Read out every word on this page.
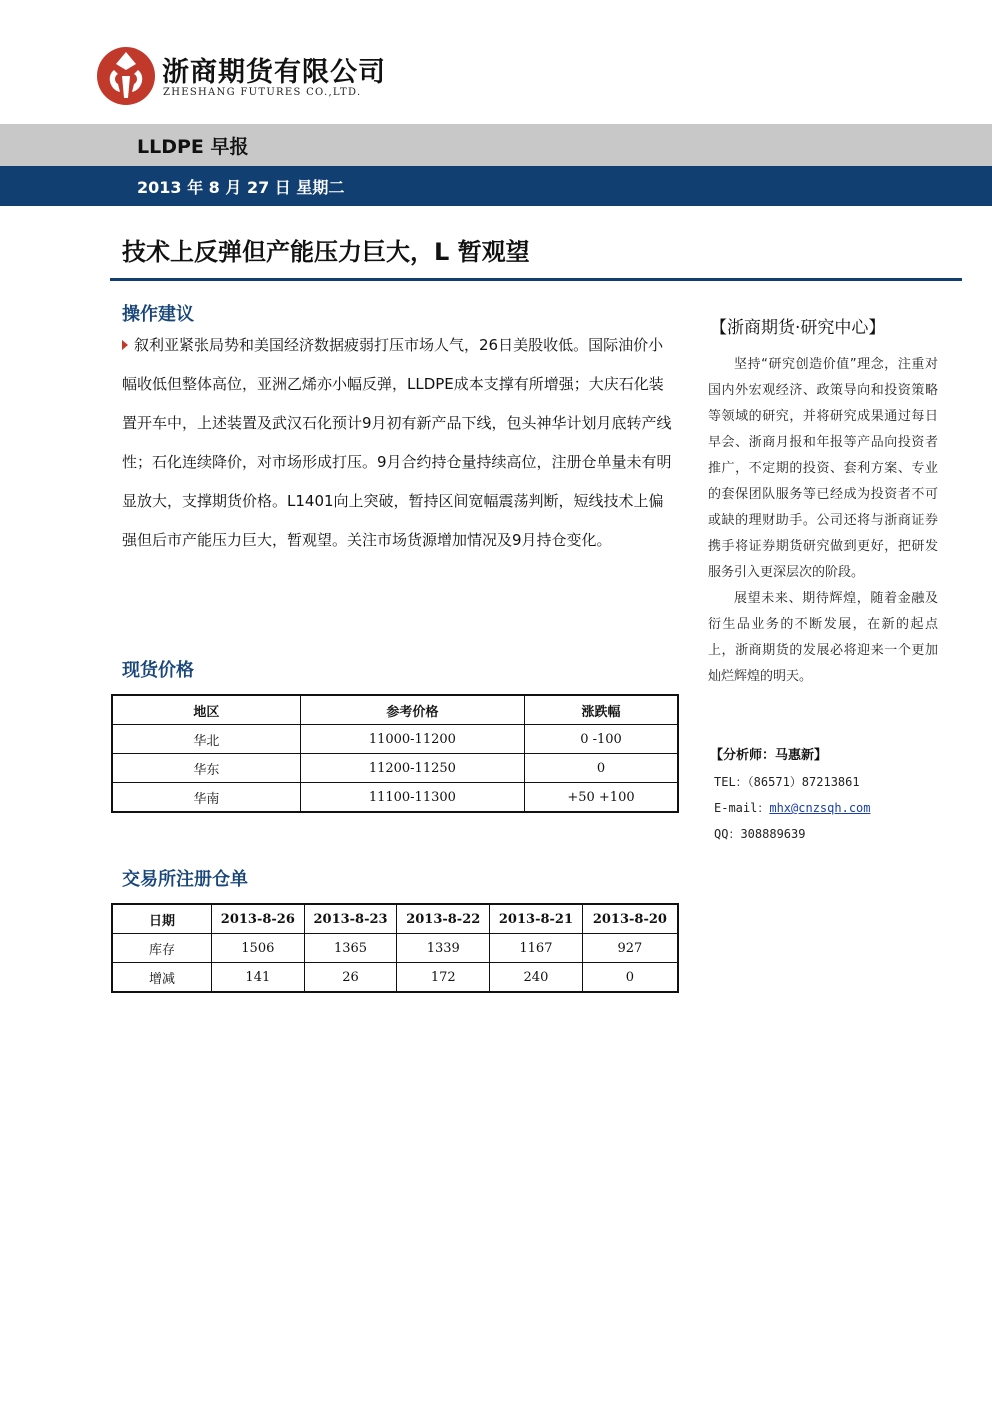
浙商期货有限公司
ZHESHANG FUTURES CO.,LTD.
LLDPE 早报
2013 年 8 月 27 日 星期二
技术上反弹但产能压力巨大，L 暂观望
操作建议
叙利亚紧张局势和美国经济数据疲弱打压市场人气，26日美股收低。国际油价小幅收低但整体高位，亚洲乙烯亦小幅反弹，LLDPE成本支撑有所增强；大庆石化装置开车中，上述装置及武汉石化预计9月初有新产品下线，包头神华计划月底转产线性；石化连续降价，对市场形成打压。9月合约持仓量持续高位，注册仓单量未有明显放大，支撑期货价格。L1401向上突破，暂持区间宽幅震荡判断，短线技术上偏强但后市产能压力巨大，暂观望。关注市场货源增加情况及9月持仓变化。
现货价格
地区	参考价格	涨跌幅
华北	11000-11200	0 -100
华东	11200-11250	0
华南	11100-11300	+50 +100
交易所注册仓单
日期	2013-8-26	2013-8-23	2013-8-22	2013-8-21	2013-8-20
库存	1506	1365	1339	1167	927
增减	141	26	172	240	0
【浙商期货·研究中心】

坚持“研究创造价值”理念，注重对国内外宏观经济、政策导向和投资策略等领域的研究，并将研究成果通过每日早会、浙商月报和年报等产品向投资者推广，不定期的投资、套利方案、专业的套保团队服务等已经成为投资者不可或缺的理财助手。公司还将与浙商证券携手将证券期货研究做到更好，把研发服务引入更深层次的阶段。

展望未来、期待辉煌，随着金融及衍生品业务的不断发展，在新的起点上，浙商期货的发展必将迎来一个更加灿烂辉煌的明天。

【分析师：马惠新】
TEL：（86571）87213861
E-mail：mhx@cnzsqh.com
QQ：308889639
